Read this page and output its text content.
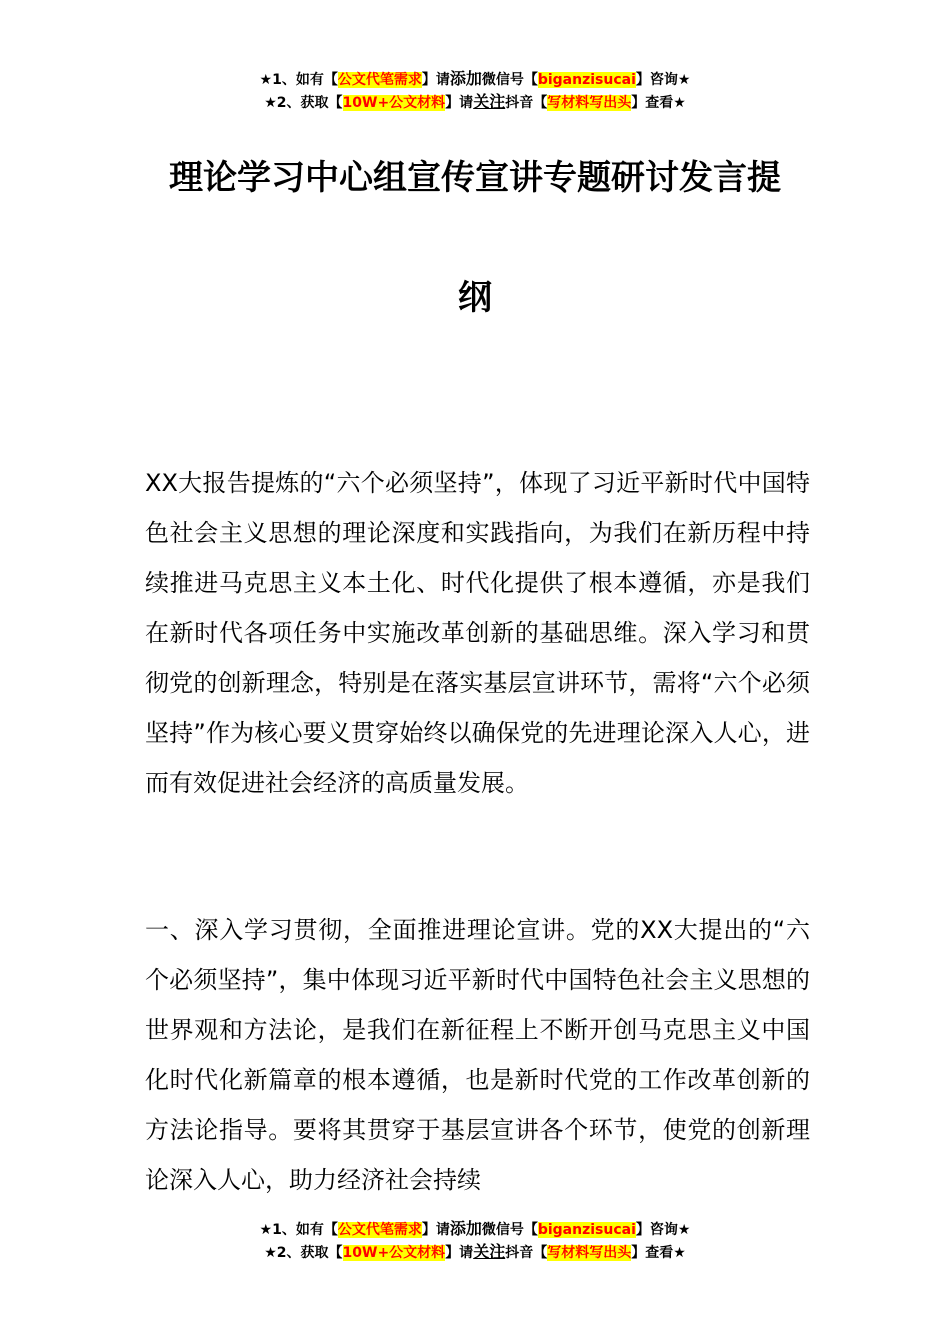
★1、如有【公文代笔需求】请添加微信号【biganzisucai】咨询★
★2、获取【10W+公文材料】请关注抖音【写材料写出头】查看★
理论学习中心组宣传宣讲专题研讨发言提
纲

XX大报告提炼的“六个必须坚持”，体现了习近平新时代中国特色社会主义思想的理论深度和实践指向，为我们在新历程中持续推进马克思主义本土化、时代化提供了根本遵循，亦是我们在新时代各项任务中实施改革创新的基础思维。深入学习和贯彻党的创新理念，特别是在落实基层宣讲环节，需将“六个必须坚持”作为核心要义贯穿始终以确保党的先进理论深入人心，进而有效促进社会经济的高质量发展。

一、深入学习贯彻，全面推进理论宣讲。党的XX大提出的“六个必须坚持”，集中体现习近平新时代中国特色社会主义思想的世界观和方法论，是我们在新征程上不断开创马克思主义中国化时代化新篇章的根本遵循，也是新时代党的工作改革创新的方法论指导。要将其贯穿于基层宣讲各个环节，使党的创新理论深入人心，助力经济社会持续

★1、如有【公文代笔需求】请添加微信号【biganzisucai】咨询★
★2、获取【10W+公文材料】请关注抖音【写材料写出头】查看★
